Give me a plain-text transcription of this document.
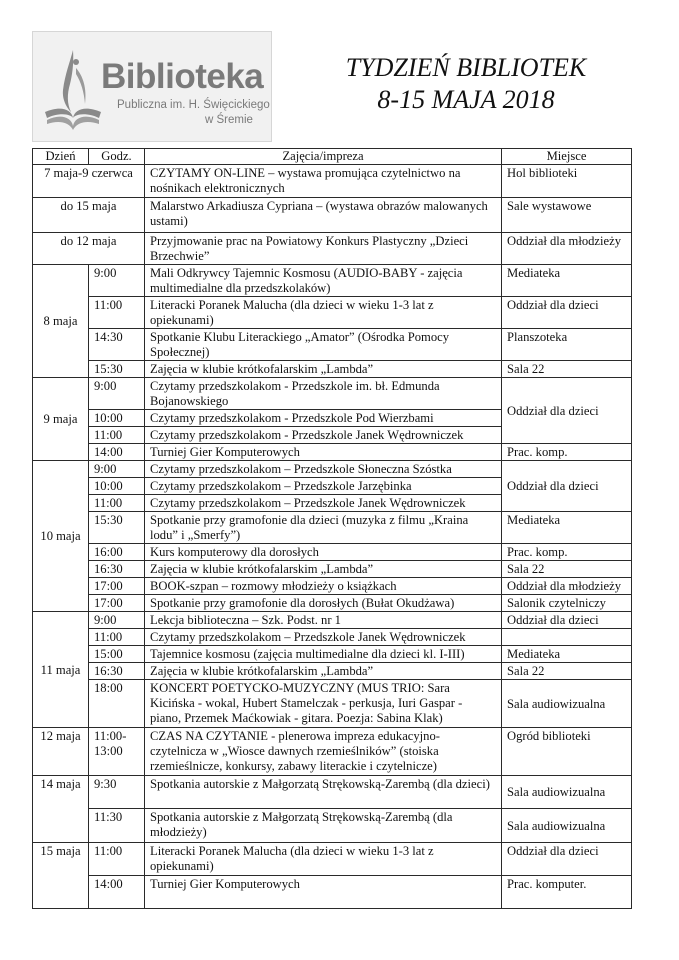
Biblioteka
Publiczna im. H. Święcickiego
w Śremie
TYDZIEŃ BIBLIOTEK
8-15 MAJA 2018
Dzień	Godz.	Zajęcia/impreza	Miejsce
7 maja-9 czerwca		CZYTAMY ON-LINE – wystawa promująca czytelnictwo na nośnikach elektronicznych	Hol biblioteki
do 15 maja		Malarstwo Arkadiusza Cypriana – (wystawa obrazów malowanych ustami)	Sale wystawowe
do 12 maja		Przyjmowanie prac na Powiatowy Konkurs Plastyczny „Dzieci Brzechwie”	Oddział dla młodzieży
8 maja	9:00	Mali Odkrywcy Tajemnic Kosmosu (AUDIO-BABY - zajęcia multimedialne dla przedszkolaków)	Mediateka
	11:00	Literacki Poranek Malucha (dla dzieci w wieku 1-3 lat z opiekunami)	Oddział dla dzieci
	14:30	Spotkanie Klubu Literackiego „Amator” (Ośrodka Pomocy Społecznej)	Planszoteka
	15:30	Zajęcia w klubie krótkofalarskim „Lambda”	Sala 22
9 maja	9:00	Czytamy przedszkolakom - Przedszkole im. bł. Edmunda Bojanowskiego	Oddział dla dzieci
	10:00	Czytamy przedszkolakom - Przedszkole Pod Wierzbami	
	11:00	Czytamy przedszkolakom - Przedszkole Janek Wędrowniczek	
	14:00	Turniej Gier Komputerowych	Prac. komp.
10 maja	9:00	Czytamy przedszkolakom – Przedszkole Słoneczna Szóstka	Oddział dla dzieci
	10:00	Czytamy przedszkolakom – Przedszkole Jarzębinka	
	11:00	Czytamy przedszkolakom – Przedszkole Janek Wędrowniczek	
	15:30	Spotkanie przy gramofonie dla dzieci (muzyka z filmu „Kraina lodu” i „Smerfy”)	Mediateka
	16:00	Kurs komputerowy dla dorosłych	Prac. komp.
	16:30	Zajęcia w klubie krótkofalarskim „Lambda”	Sala 22
	17:00	BOOK-szpan – rozmowy młodzieży o książkach	Oddział dla młodzieży
	17:00	Spotkanie przy gramofonie dla dorosłych (Bułat Okudżawa)	Salonik czytelniczy
11 maja	9:00	Lekcja biblioteczna – Szk. Podst. nr 1	Oddział dla dzieci
	11:00	Czytamy przedszkolakom – Przedszkole Janek Wędrowniczek	
	15:00	Tajemnice kosmosu (zajęcia multimedialne dla dzieci kl. I-III)	Mediateka
	16:30	Zajęcia w klubie krótkofalarskim „Lambda”	Sala 22
	18:00	KONCERT POETYCKO-MUZYCZNY (MUS TRIO: Sara Kicińska - wokal, Hubert Stamelczak - perkusja, Iuri Gaspar - piano, Przemek Maćkowiak - gitara. Poezja: Sabina Klak)	Sala audiowizualna
12 maja	11:00-13:00	CZAS NA CZYTANIE - plenerowa impreza edukacyjno-czytelnicza w „Wiosce dawnych rzemieślników” (stoiska rzemieślnicze, konkursy, zabawy literackie i czytelnicze)	Ogród biblioteki
14 maja	9:30	Spotkania autorskie z Małgorzatą Strękowską-Zarembą (dla dzieci)	Sala audiowizualna
	11:30	Spotkania autorskie z Małgorzatą Strękowską-Zarembą (dla młodzieży)	Sala audiowizualna
15 maja	11:00	Literacki Poranek Malucha (dla dzieci w wieku 1-3 lat z opiekunami)	Oddział dla dzieci
	14:00	Turniej Gier Komputerowych	Prac. komputer.
